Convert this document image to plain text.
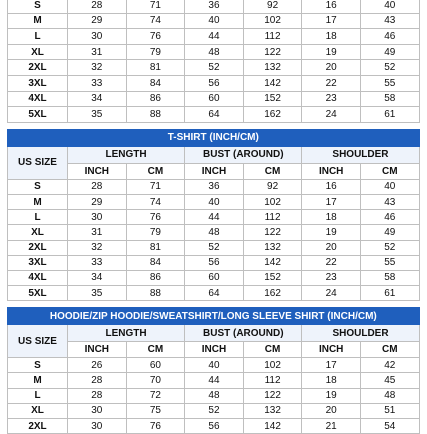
S	28	71	36	92	16	40
M	29	74	40	102	17	43
L	30	76	44	112	18	46
XL	31	79	48	122	19	49
2XL	32	81	52	132	20	52
3XL	33	84	56	142	22	55
4XL	34	86	60	152	23	58
5XL	35	88	64	162	24	61
T-SHIRT (INCH/CM)						
US SIZE	LENGTH		BUST (AROUND)		SHOULDER	
	INCH	CM	INCH	CM	INCH	CM
S	28	71	36	92	16	40
M	29	74	40	102	17	43
L	30	76	44	112	18	46
XL	31	79	48	122	19	49
2XL	32	81	52	132	20	52
3XL	33	84	56	142	22	55
4XL	34	86	60	152	23	58
5XL	35	88	64	162	24	61
HOODIE/ZIP HOODIE/SWEATSHIRT/LONG SLEEVE SHIRT (INCH/CM)						
US SIZE	LENGTH		BUST (AROUND)		SHOULDER	
	INCH	CM	INCH	CM	INCH	CM
S	26	60	40	102	17	42
M	28	70	44	112	18	45
L	28	72	48	122	19	48
XL	30	75	52	132	20	51
2XL	30	76	56	142	21	54
